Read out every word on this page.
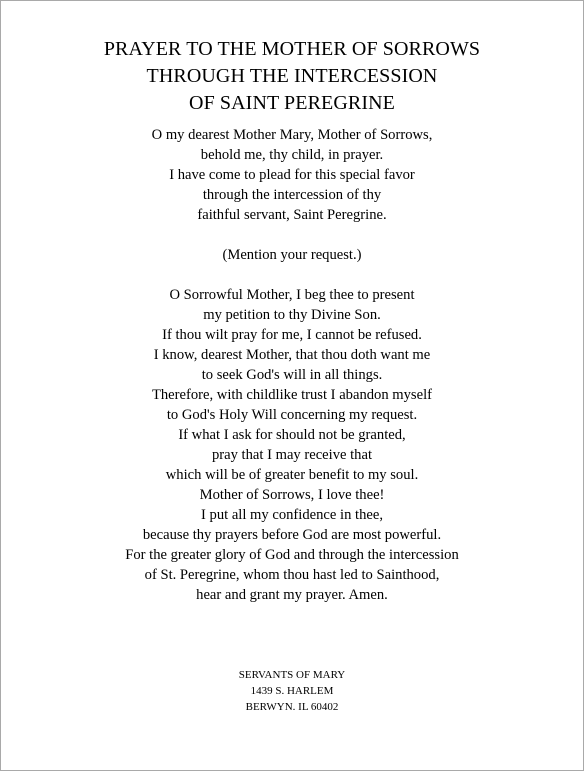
PRAYER TO THE MOTHER OF SORROWS
THROUGH THE INTERCESSION
OF SAINT PEREGRINE
O my dearest Mother Mary, Mother of Sorrows,
behold me, thy child, in prayer.
I have come to plead for this special favor
through the intercession of thy
faithful servant, Saint Peregrine.
(Mention your request.)
O Sorrowful Mother, I beg thee to present
my petition to thy Divine Son.
If thou wilt pray for me, I cannot be refused.
I know, dearest Mother, that thou doth want me
to seek God's will in all things.
Therefore, with childlike trust I abandon myself
to God's Holy Will concerning my request.
If what I ask for should not be granted,
pray that I may receive that
which will be of greater benefit to my soul.
Mother of Sorrows, I love thee!
I put all my confidence in thee,
because thy prayers before God are most powerful.
For the greater glory of God and through the intercession
of St. Peregrine, whom thou hast led to Sainthood,
hear and grant my prayer. Amen.
SERVANTS OF MARY
1439 S. HARLEM
BERWYN. IL 60402
